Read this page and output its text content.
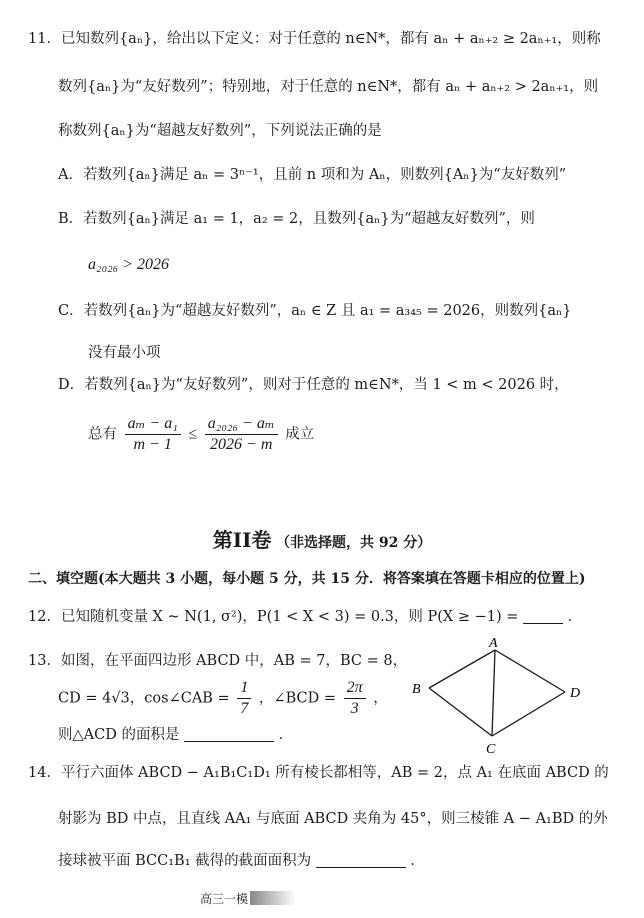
11．已知数列{aₙ}，给出以下定义：对于任意的 n∈N*，都有 aₙ + aₙ₊₂ ≥ 2aₙ₊₁，则称
数列{aₙ}为“友好数列”；特别地，对于任意的 n∈N*，都有 aₙ + aₙ₊₂ > 2aₙ₊₁，则
称数列{aₙ}为“超越友好数列”，下列说法正确的是
A．若数列{aₙ}满足 aₙ = 3ⁿ⁻¹，且前 n 项和为 Aₙ，则数列{Aₙ}为“友好数列”
B．若数列{aₙ}满足 a₁ = 1，a₂ = 2，且数列{aₙ}为“超越友好数列”，则
a₂₀₂₆ > 2026
C．若数列{aₙ}为“超越友好数列”，aₙ ∈ Z 且 a₁ = a₃₄₅ = 2026，则数列{aₙ}
没有最小项
D．若数列{aₙ}为“友好数列”，则对于任意的 m∈N*，当 1 < m < 2026 时，
总有 $\frac{\text{aₘ − a₁}}{m - 1} \le \frac{\text{a₂₀₂₆ − aₘ}}{2026 - m}$ 成立
第II卷 （非选择题，共 92 分）
二、填空题(本大题共 3 小题，每小题 5 分，共 15 分．将答案填在答题卡相应的位置上)
12．已知随机变量 X ~ N(1, σ²)，P(1 < X < 3) = 0.3，则 P(X ≥ −1) =	．
13．如图，在平面四边形 ABCD 中，AB = 7，BC = 8，
CD = 4√3，cos∠CAB = $\frac{1}{7}$ ，∠BCD = $\frac{2\pi}{3}$ ，
则△ACD 的面积是	．
A
B
C
D
14．平行六面体 ABCD − A₁B₁C₁D₁ 所有棱长都相等，AB = 2，点 A₁ 在底面 ABCD 的
射影为 BD 中点，且直线 AA₁ 与底面 ABCD 夹角为 45°，则三棱锥 A − A₁BD 的外
接球被平面 BCC₁B₁ 截得的截面面积为	．
高三一模
